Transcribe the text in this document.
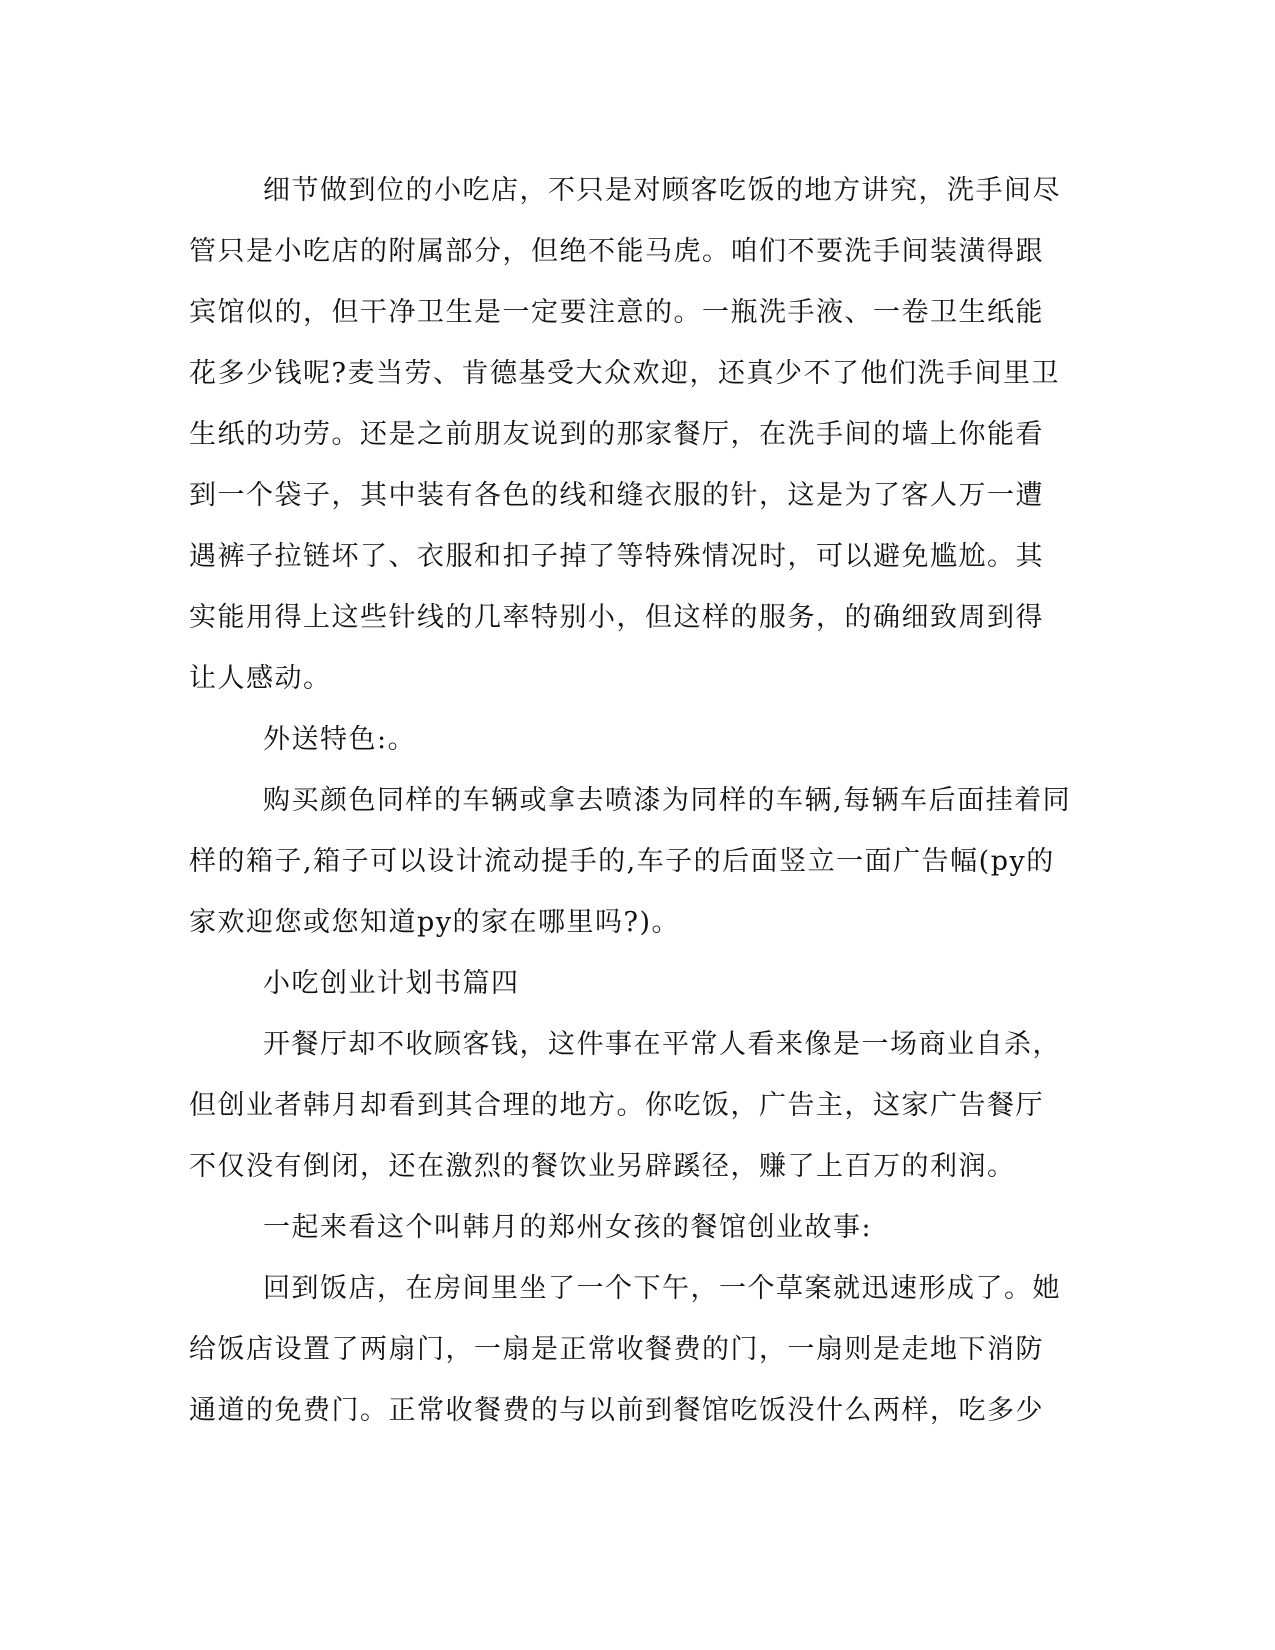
细节做到位的小吃店，不只是对顾客吃饭的地方讲究，洗手间尽
管只是小吃店的附属部分，但绝不能马虎。咱们不要洗手间装潢得跟
宾馆似的，但干净卫生是一定要注意的。一瓶洗手液、一卷卫生纸能
花多少钱呢?麦当劳、肯德基受大众欢迎，还真少不了他们洗手间里卫
生纸的功劳。还是之前朋友说到的那家餐厅，在洗手间的墙上你能看
到一个袋子，其中装有各色的线和缝衣服的针，这是为了客人万一遭
遇裤子拉链坏了、衣服和扣子掉了等特殊情况时，可以避免尴尬。其
实能用得上这些针线的几率特别小，但这样的服务，的确细致周到得
让人感动。

外送特色:。

购买颜色同样的车辆或拿去喷漆为同样的车辆,每辆车后面挂着同
样的箱子,箱子可以设计流动提手的,车子的后面竖立一面广告幅(py的
家欢迎您或您知道py的家在哪里吗?)。

小吃创业计划书篇四

开餐厅却不收顾客钱，这件事在平常人看来像是一场商业自杀，
但创业者韩月却看到其合理的地方。你吃饭，广告主，这家广告餐厅
不仅没有倒闭，还在激烈的餐饮业另辟蹊径，赚了上百万的利润。

一起来看这个叫韩月的郑州女孩的餐馆创业故事:

回到饭店，在房间里坐了一个下午，一个草案就迅速形成了。她
给饭店设置了两扇门，一扇是正常收餐费的门，一扇则是走地下消防
通道的免费门。正常收餐费的与以前到餐馆吃饭没什么两样，吃多少
